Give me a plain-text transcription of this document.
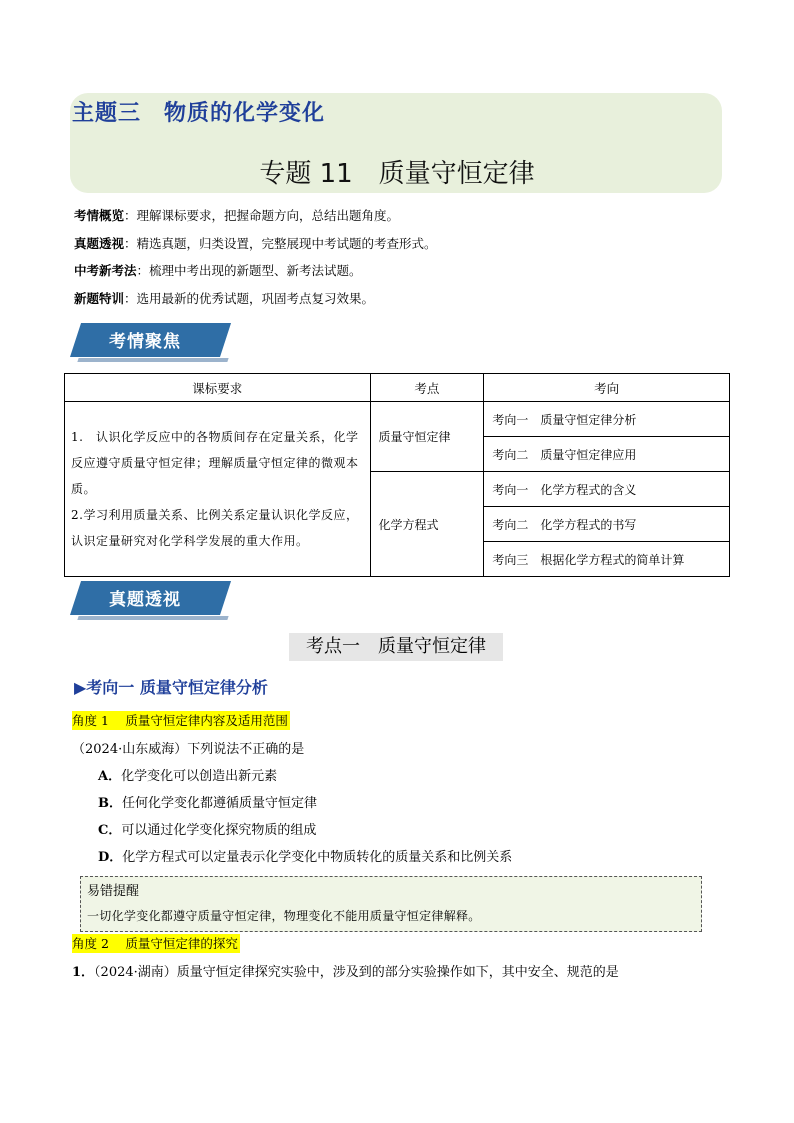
主题三　物质的化学变化
专题 11　质量守恒定律
考情概览：理解课标要求，把握命题方向，总结出题角度。
真题透视：精选真题，归类设置，完整展现中考试题的考查形式。
中考新考法：梳理中考出现的新题型、新考法试题。
新题特训：选用最新的优秀试题，巩固考点复习效果。
考情聚焦
课标要求	考点	考向

1.　认识化学反应中的各物质间存在定量关系，化学反应遵守质量守恒定律；理解质量守恒定律的微观本质。
2.学习利用质量关系、比例关系定量认识化学反应，认识定量研究对化学科学发展的重大作用。	质量守恒定律	考向一　质量守恒定律分析
		考向二　质量守恒定律应用
	化学方程式	考向一　化学方程式的含义
		考向二　化学方程式的书写
		考向三　根据化学方程式的简单计算
真题透视
考点一　质量守恒定律
▶考向一 质量守恒定律分析
角度 1　 质量守恒定律内容及适用范围
（2024·山东威海）下列说法不正确的是
A．化学变化可以创造出新元素
B．任何化学变化都遵循质量守恒定律
C．可以通过化学变化探究物质的组成
D．化学方程式可以定量表示化学变化中物质转化的质量关系和比例关系
易错提醒
一切化学变化都遵守质量守恒定律，物理变化不能用质量守恒定律解释。
角度 2　 质量守恒定律的探究
1．（2024·湖南）质量守恒定律探究实验中，涉及到的部分实验操作如下，其中安全、规范的是
